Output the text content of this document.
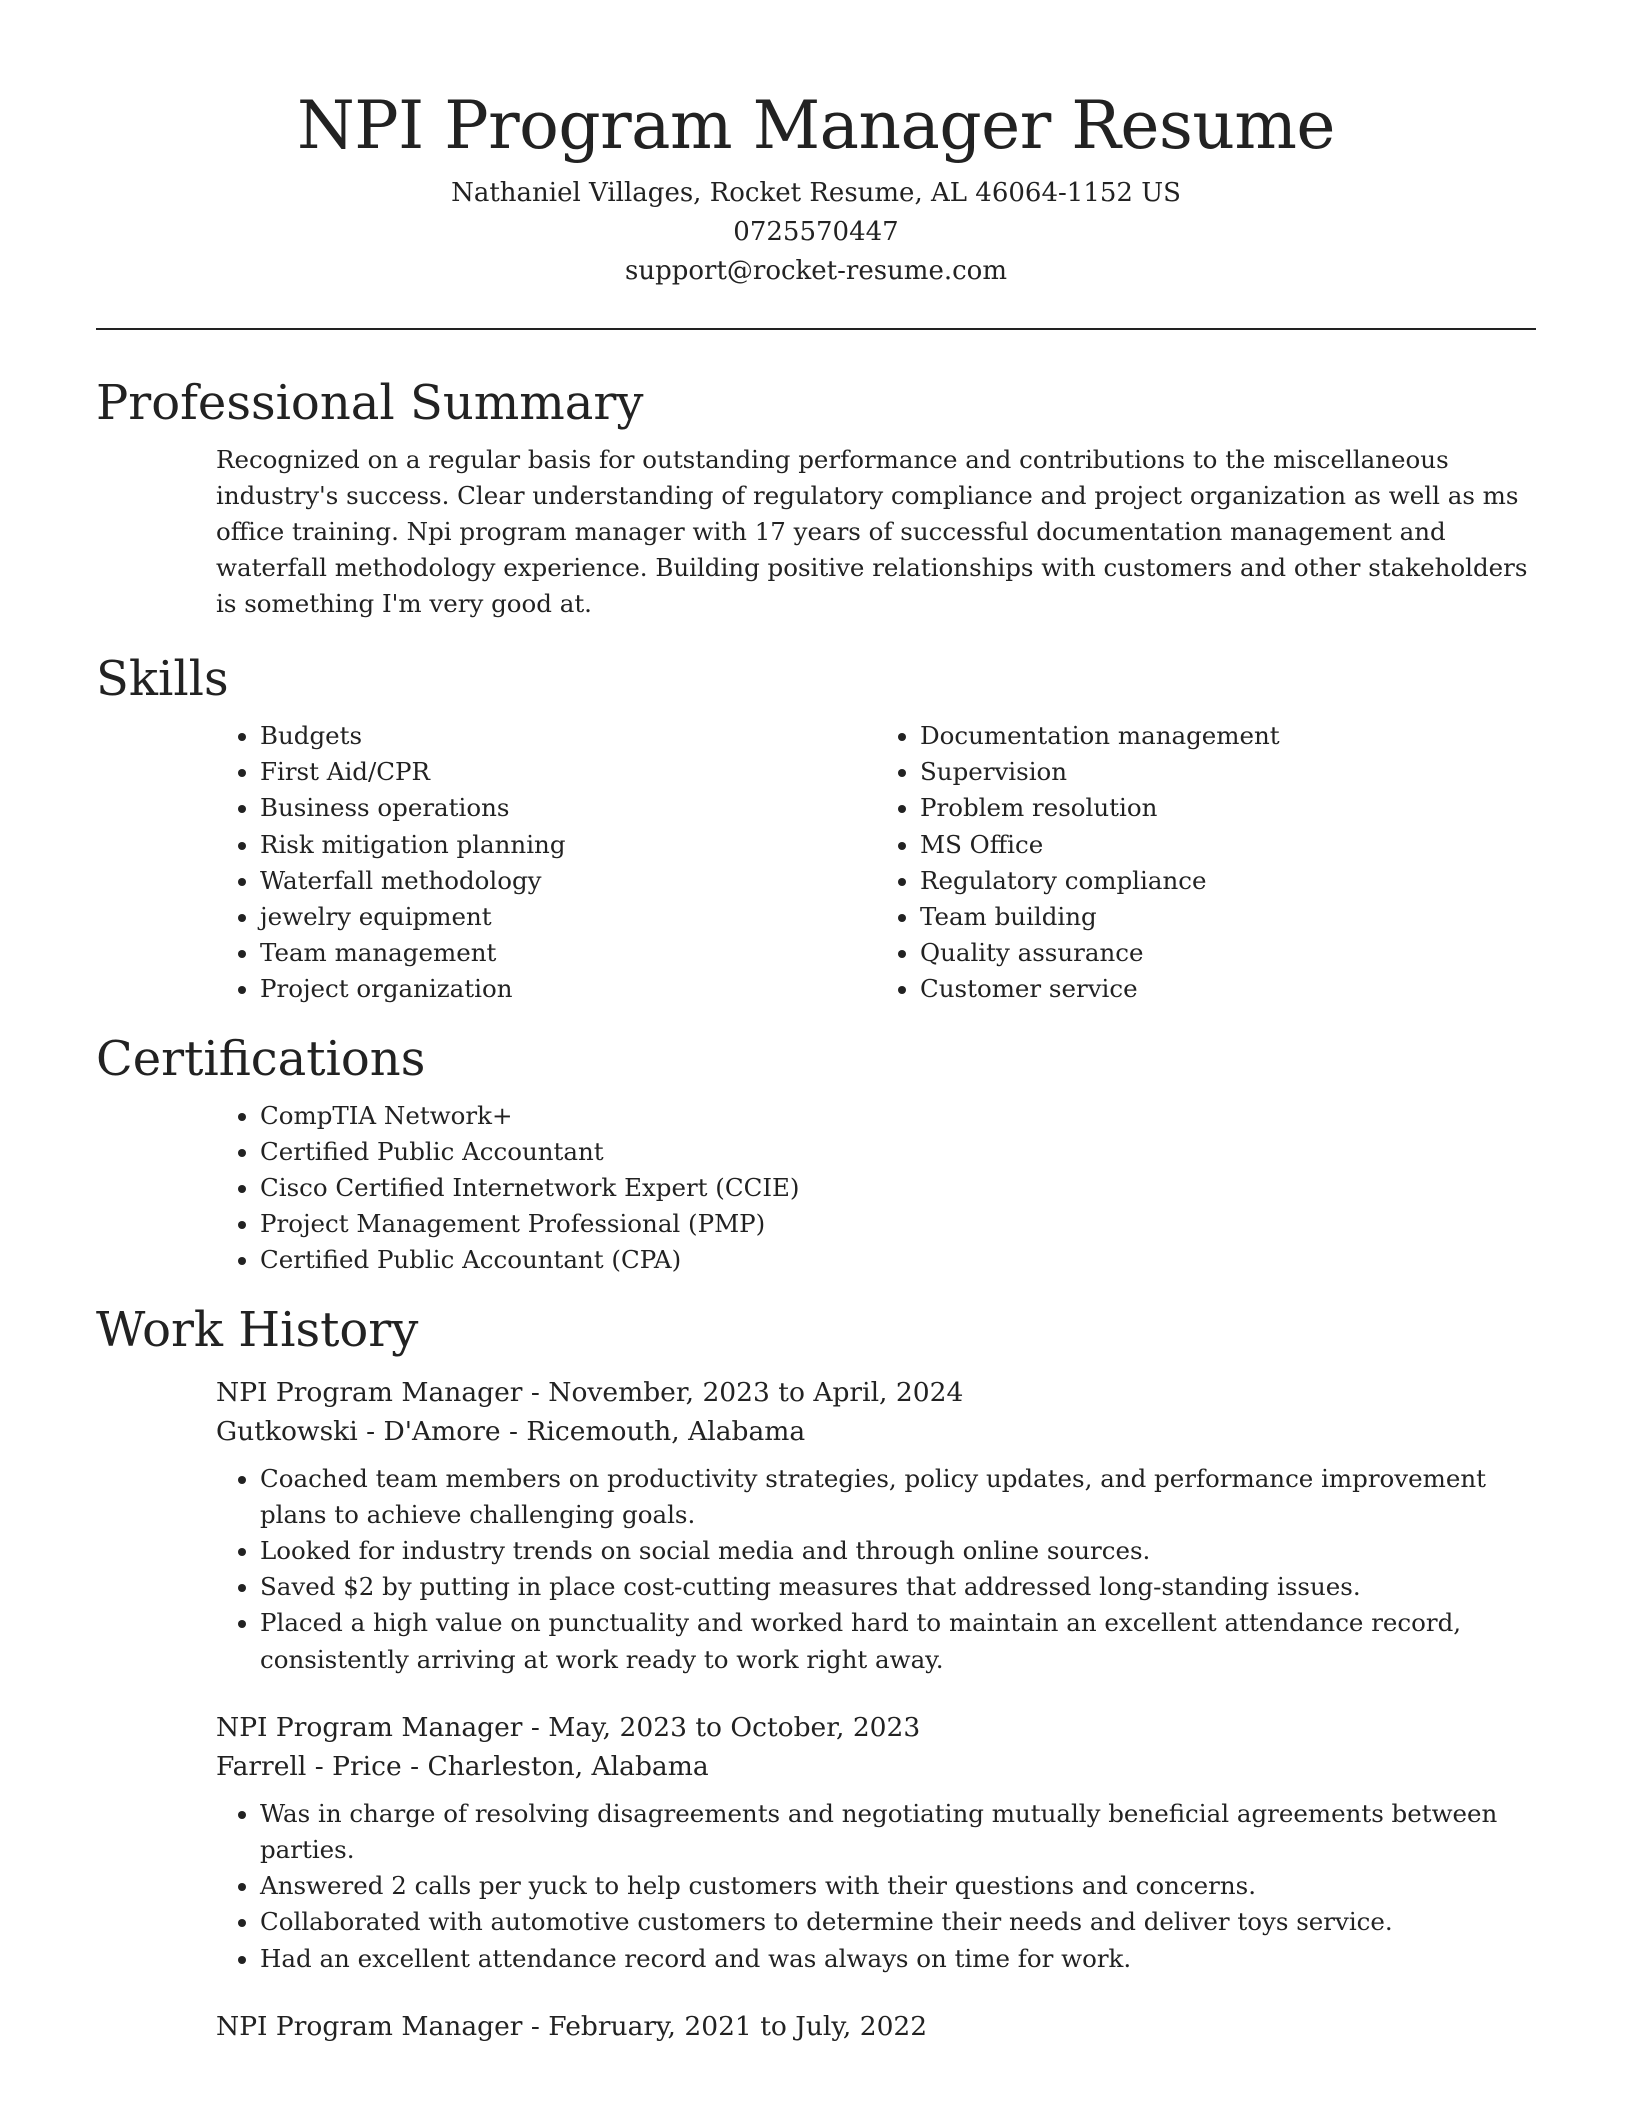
NPI Program Manager Resume
Nathaniel Villages, Rocket Resume, AL 46064-1152 US
0725570447
support@rocket-resume.com
Professional Summary

Recognized on a regular basis for outstanding performance and contributions to the miscellaneous industry's success. Clear understanding of regulatory compliance and project organization as well as ms office training. Npi program manager with 17 years of successful documentation management and waterfall methodology experience. Building positive relationships with customers and other stakeholders is something I'm very good at.

Skills
• Budgets
• First Aid/CPR
• Business operations
• Risk mitigation planning
• Waterfall methodology
• jewelry equipment
• Team management
• Project organization
• Documentation management
• Supervision
• Problem resolution
• MS Office
• Regulatory compliance
• Team building
• Quality assurance
• Customer service
Certifications
• CompTIA Network+
• Certified Public Accountant
• Cisco Certified Internetwork Expert (CCIE)
• Project Management Professional (PMP)
• Certified Public Accountant (CPA)
Work History
NPI Program Manager - November, 2023 to April, 2024
Gutkowski - D'Amore - Ricemouth, Alabama
• Coached team members on productivity strategies, policy updates, and performance improvement plans to achieve challenging goals.
• Looked for industry trends on social media and through online sources.
• Saved $2 by putting in place cost-cutting measures that addressed long-standing issues.
• Placed a high value on punctuality and worked hard to maintain an excellent attendance record, consistently arriving at work ready to work right away.
NPI Program Manager - May, 2023 to October, 2023
Farrell - Price - Charleston, Alabama
• Was in charge of resolving disagreements and negotiating mutually beneficial agreements between parties.
• Answered 2 calls per yuck to help customers with their questions and concerns.
• Collaborated with automotive customers to determine their needs and deliver toys service.
• Had an excellent attendance record and was always on time for work.
NPI Program Manager - February, 2021 to July, 2022
